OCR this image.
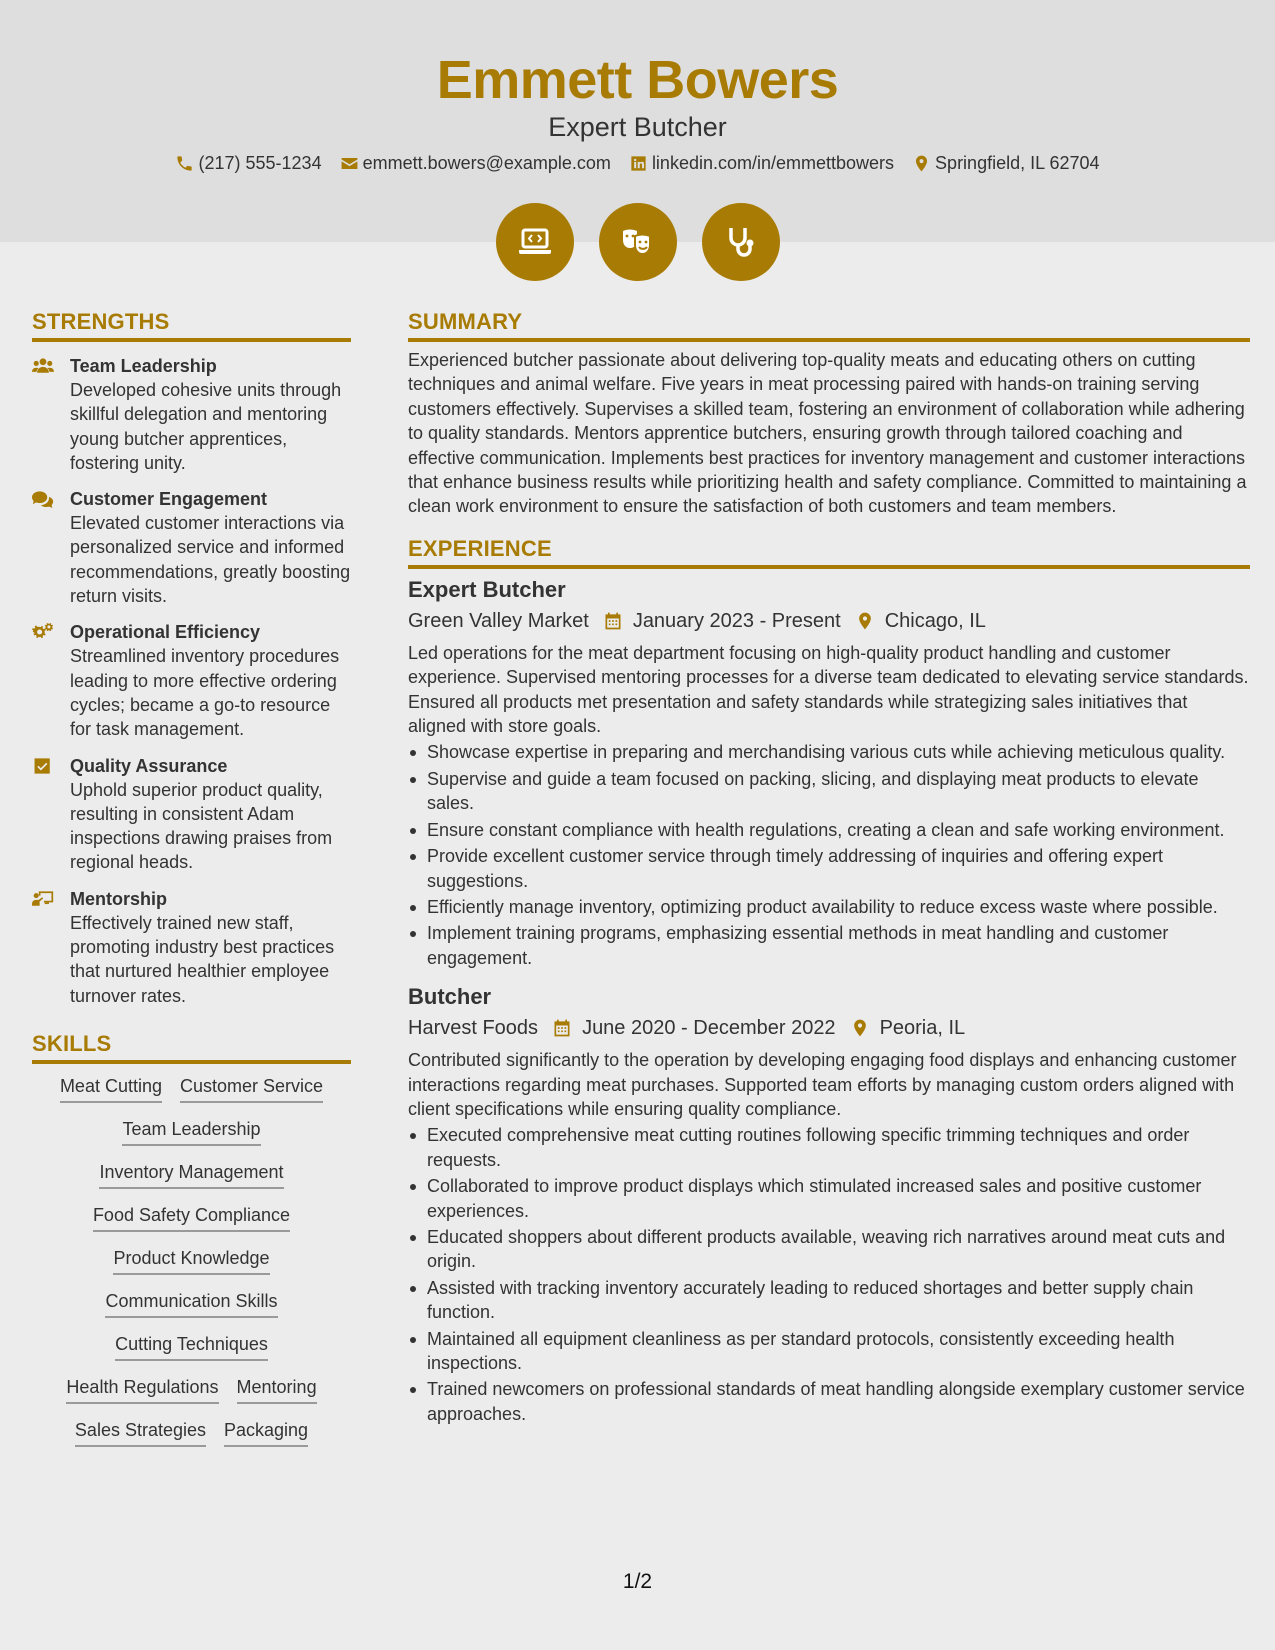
Emmett Bowers
Expert Butcher
(217) 555-1234 emmett.bowers@example.com linkedin.com/in/emmettbowers Springfield, IL 62704
STRENGTHS
Team Leadership
Developed cohesive units through skillful delegation and mentoring young butcher apprentices, fostering unity.
Customer Engagement
Elevated customer interactions via personalized service and informed recommendations, greatly boosting return visits.
Operational Efficiency
Streamlined inventory procedures leading to more effective ordering cycles; became a go-to resource for task management.
Quality Assurance
Uphold superior product quality, resulting in consistent Adam inspections drawing praises from regional heads.
Mentorship
Effectively trained new staff, promoting industry best practices that nurtured healthier employee turnover rates.
SKILLS
Meat Cutting Customer Service
Team Leadership
Inventory Management
Food Safety Compliance
Product Knowledge
Communication Skills
Cutting Techniques
Health Regulations Mentoring
Sales Strategies Packaging
SUMMARY
Experienced butcher passionate about delivering top-quality meats and educating others on cutting techniques and animal welfare. Five years in meat processing paired with hands-on training serving customers effectively. Supervises a skilled team, fostering an environment of collaboration while adhering to quality standards. Mentors apprentice butchers, ensuring growth through tailored coaching and effective communication. Implements best practices for inventory management and customer interactions that enhance business results while prioritizing health and safety compliance. Committed to maintaining a clean work environment to ensure the satisfaction of both customers and team members.
EXPERIENCE
Expert Butcher
Green Valley Market January 2023 - Present Chicago, IL
Led operations for the meat department focusing on high-quality product handling and customer experience. Supervised mentoring processes for a diverse team dedicated to elevating service standards. Ensured all products met presentation and safety standards while strategizing sales initiatives that aligned with store goals.
Showcase expertise in preparing and merchandising various cuts while achieving meticulous quality.
Supervise and guide a team focused on packing, slicing, and displaying meat products to elevate sales.
Ensure constant compliance with health regulations, creating a clean and safe working environment.
Provide excellent customer service through timely addressing of inquiries and offering expert suggestions.
Efficiently manage inventory, optimizing product availability to reduce excess waste where possible.
Implement training programs, emphasizing essential methods in meat handling and customer engagement.
Butcher
Harvest Foods June 2020 - December 2022 Peoria, IL
Contributed significantly to the operation by developing engaging food displays and enhancing customer interactions regarding meat purchases. Supported team efforts by managing custom orders aligned with client specifications while ensuring quality compliance.
Executed comprehensive meat cutting routines following specific trimming techniques and order requests.
Collaborated to improve product displays which stimulated increased sales and positive customer experiences.
Educated shoppers about different products available, weaving rich narratives around meat cuts and origin.
Assisted with tracking inventory accurately leading to reduced shortages and better supply chain function.
Maintained all equipment cleanliness as per standard protocols, consistently exceeding health inspections.
Trained newcomers on professional standards of meat handling alongside exemplary customer service approaches.
1/2
